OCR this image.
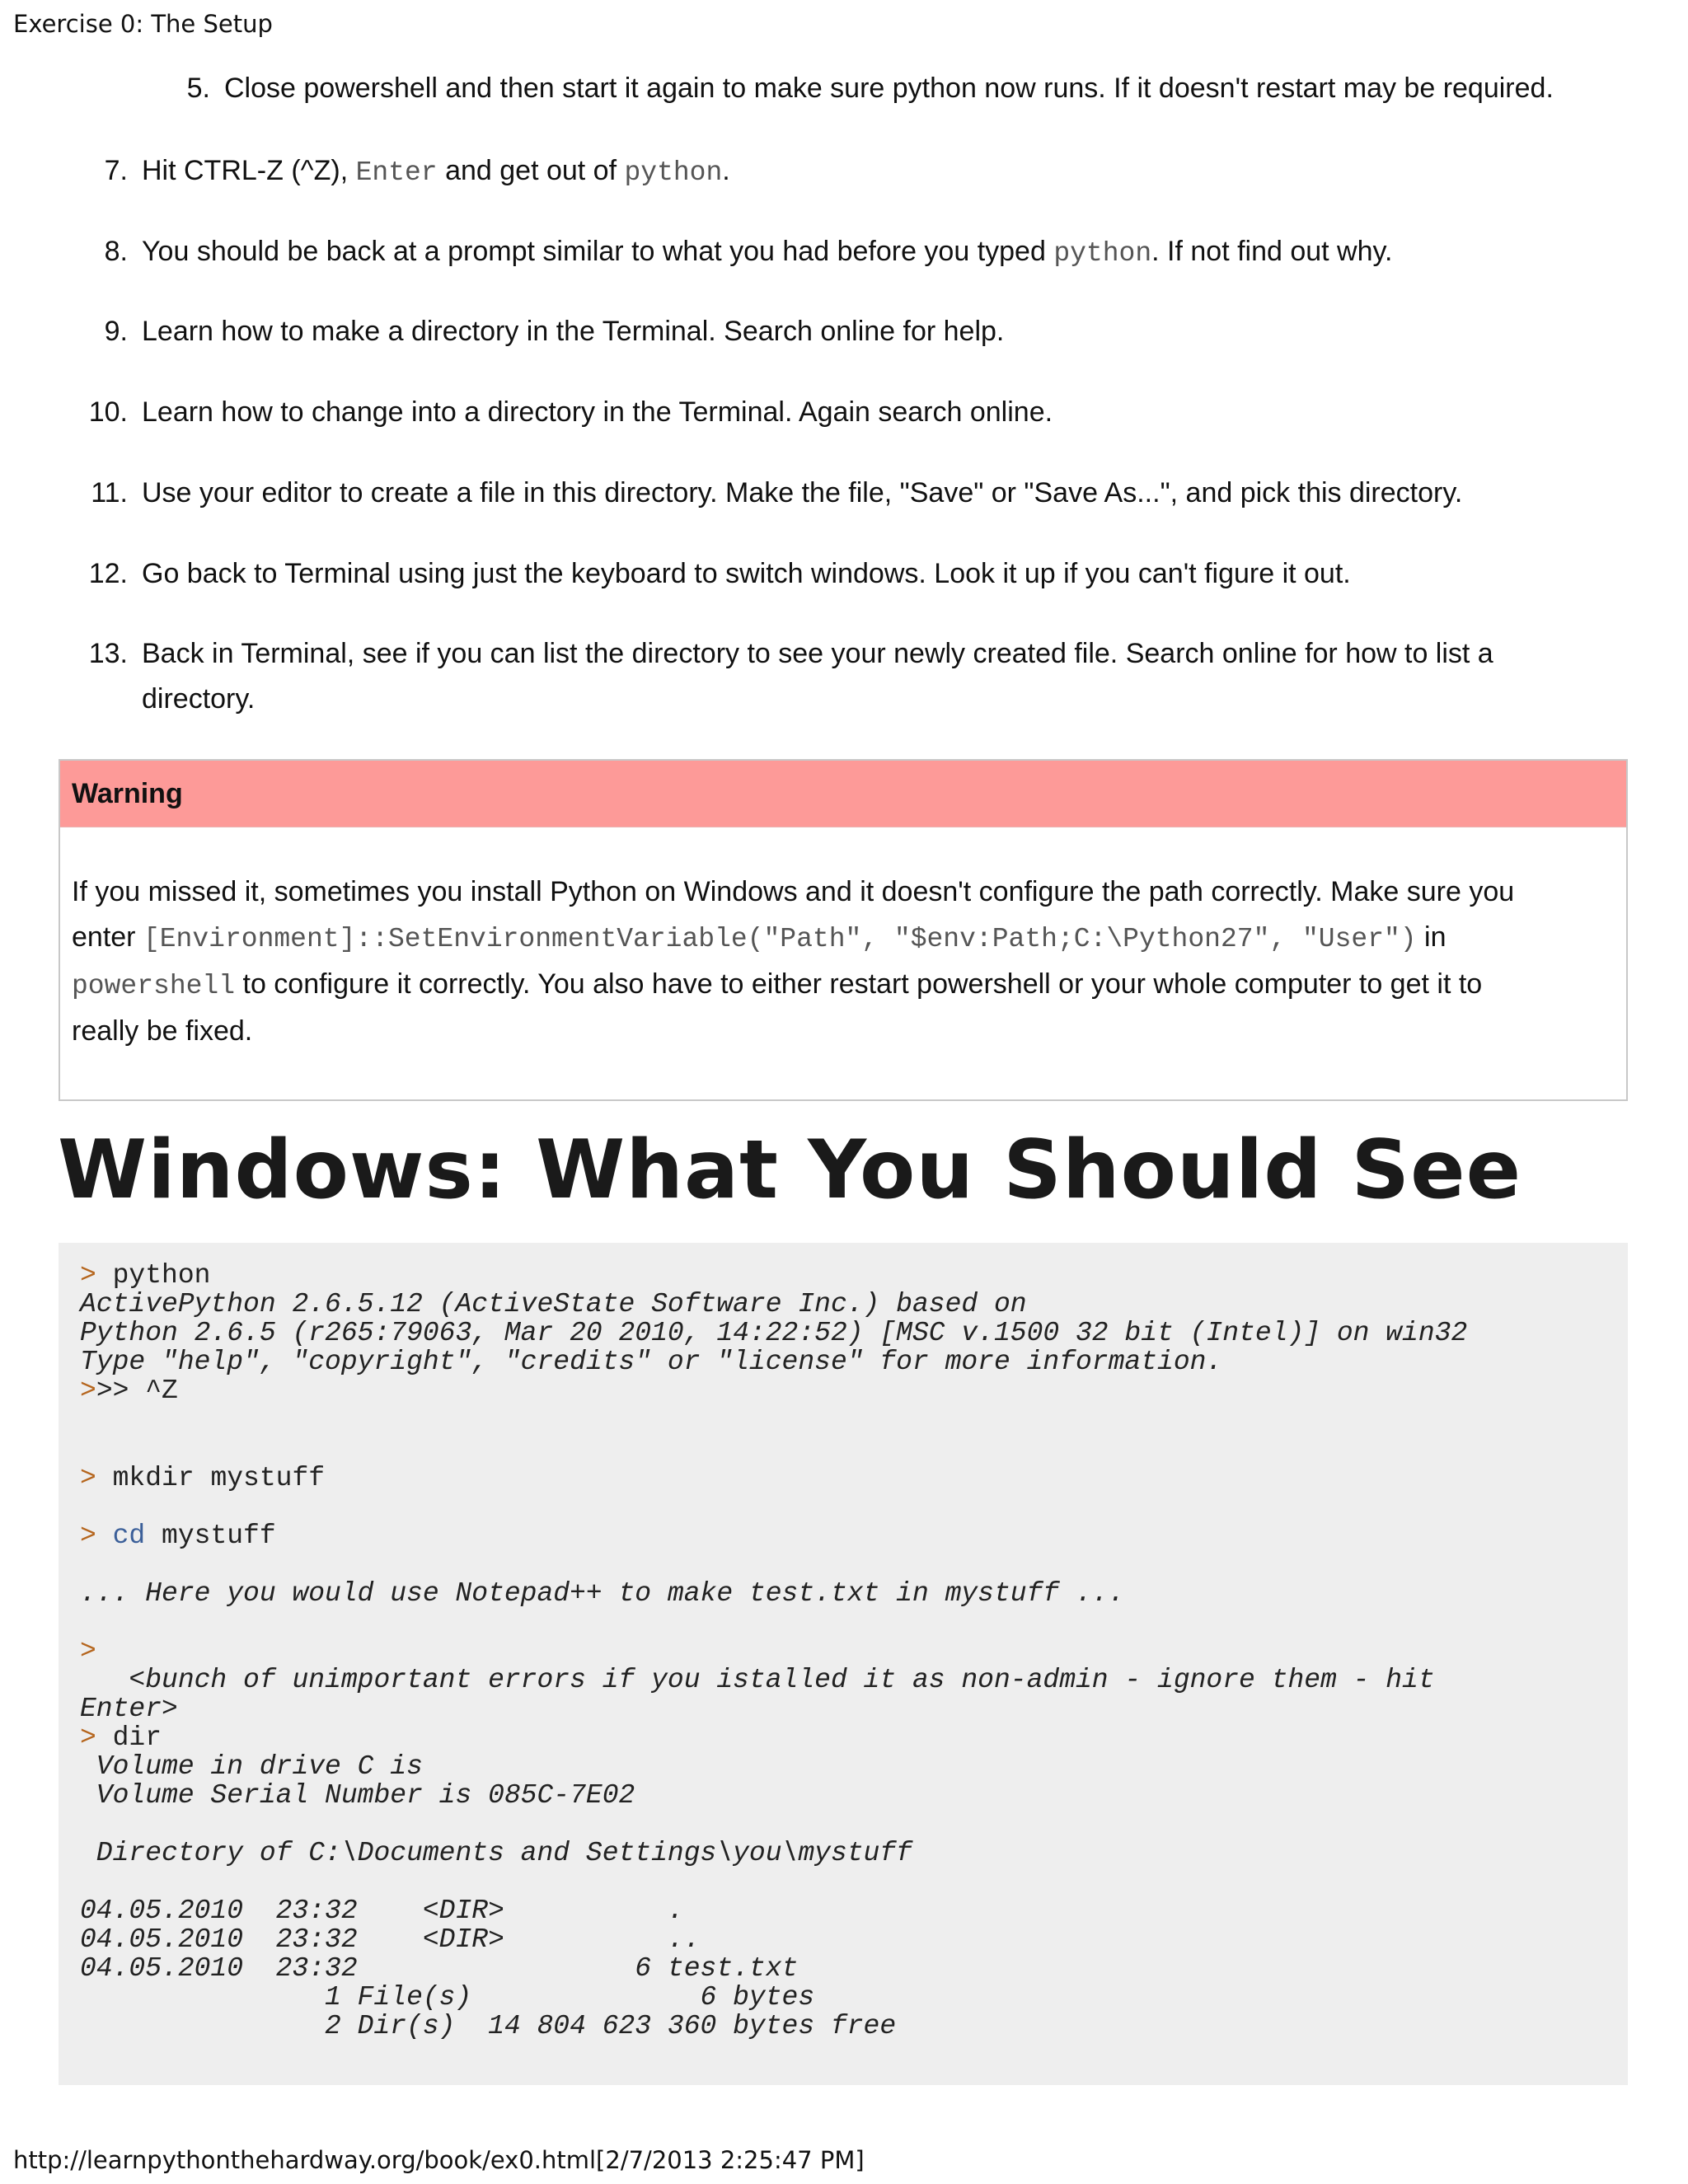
Exercise 0: The Setup
5. Close powershell and then start it again to make sure python now runs. If it doesn't restart may be required.
7. Hit CTRL-Z (^Z), Enter and get out of python.
8. You should be back at a prompt similar to what you had before you typed python. If not find out why.
9. Learn how to make a directory in the Terminal. Search online for help.
10. Learn how to change into a directory in the Terminal. Again search online.
11. Use your editor to create a file in this directory. Make the file, "Save" or "Save As...", and pick this directory.
12. Go back to Terminal using just the keyboard to switch windows. Look it up if you can't figure it out.
13. Back in Terminal, see if you can list the directory to see your newly created file. Search online for how to list a
directory.
Warning
If you missed it, sometimes you install Python on Windows and it doesn't configure the path correctly. Make sure you
enter [Environment]::SetEnvironmentVariable("Path", "$env:Path;C:\Python27", "User") in
powershell to configure it correctly. You also have to either restart powershell or your whole computer to get it to
really be fixed.
Windows: What You Should See
> python
ActivePython 2.6.5.12 (ActiveState Software Inc.) based on
Python 2.6.5 (r265:79063, Mar 20 2010, 14:22:52) [MSC v.1500 32 bit (Intel)] on win32
Type "help", "copyright", "credits" or "license" for more information.
>>> ^Z
> mkdir mystuff
> cd mystuff
... Here you would use Notepad++ to make test.txt in mystuff ...
>
<bunch of unimportant errors if you istalled it as non-admin - ignore them - hit
Enter>
> dir
Volume in drive C is
Volume Serial Number is 085C-7E02
Directory of C:\Documents and Settings\you\mystuff
04.05.2010  23:32    <DIR>          .
04.05.2010  23:32    <DIR>          ..
04.05.2010  23:32                 6 test.txt
1 File(s)              6 bytes
2 Dir(s)  14 804 623 360 bytes free
http://learnpythonthehardway.org/book/ex0.html[2/7/2013 2:25:47 PM]
